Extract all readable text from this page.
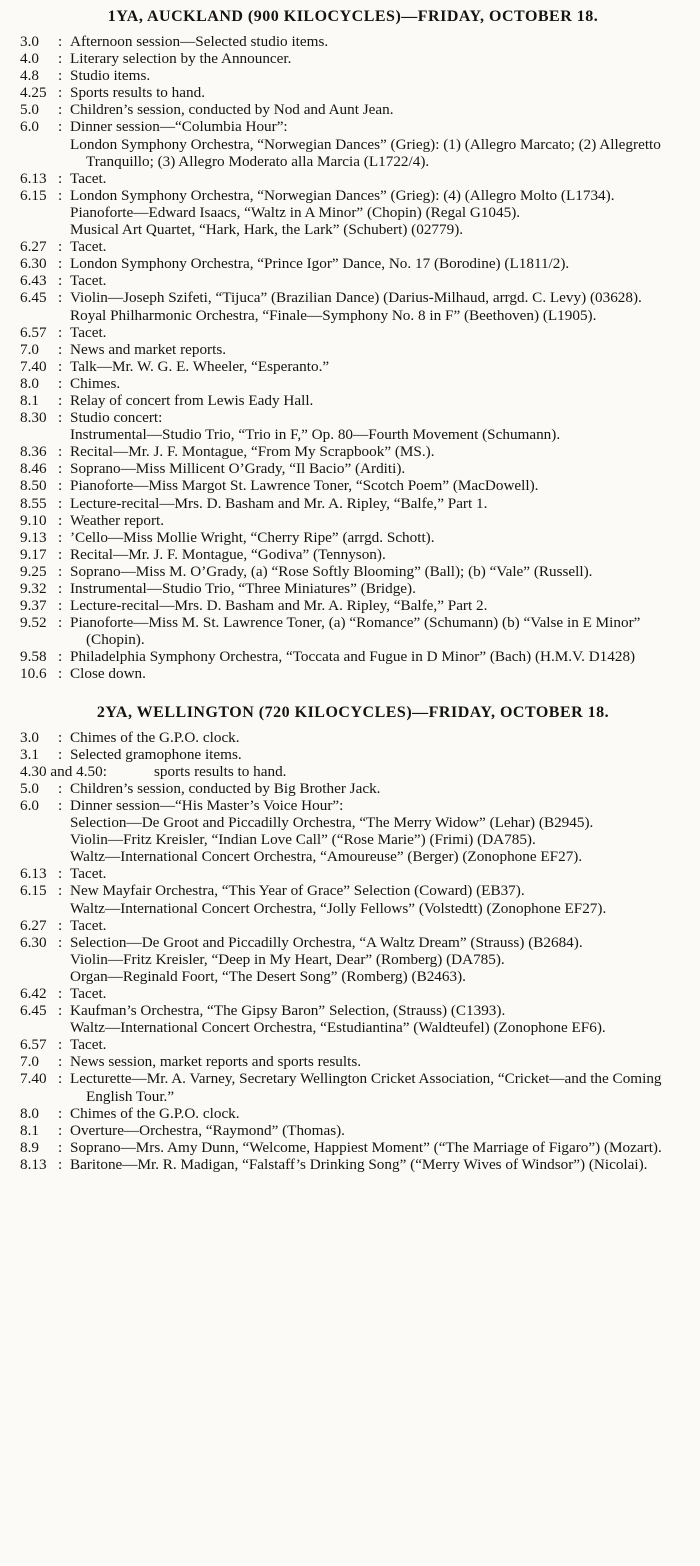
1YA, AUCKLAND (900 KILOCYCLES)—FRIDAY, OCTOBER 18.
3.0 : Afternoon session—Selected studio items.

4.0 : Literary selection by the Announcer.

4.8 : Studio items.

4.25 : Sports results to hand.

5.0 : Children’s session, conducted by Nod and Aunt Jean.

6.0 : Dinner session—“Columbia Hour”:

London Symphony Orchestra, “Norwegian Dances” (Grieg): (1) (Allegro Marcato; (2) Allegretto Tranquillo; (3) Allegro Moderato alla Marcia (L1722/4).

6.13 : Tacet.

6.15 : London Symphony Orchestra, “Norwegian Dances” (Grieg): (4) (Allegro Molto (L1734).

Pianoforte—Edward Isaacs, “Waltz in A Minor” (Chopin) (Regal G1045).

Musical Art Quartet, “Hark, Hark, the Lark” (Schubert) (02779).

6.27 : Tacet.

6.30 : London Symphony Orchestra, “Prince Igor” Dance, No. 17 (Borodine) (L1811/2).

6.43 : Tacet.

6.45 : Violin—Joseph Szifeti, “Tijuca” (Brazilian Dance) (Darius-Milhaud, arrgd. C. Levy) (03628).

Royal Philharmonic Orchestra, “Finale—Symphony No. 8 in F” (Beethoven) (L1905).

6.57 : Tacet.

7.0 : News and market reports.

7.40 : Talk—Mr. W. G. E. Wheeler, “Esperanto.”

8.0 : Chimes.

8.1 : Relay of concert from Lewis Eady Hall.

8.30 : Studio concert:

Instrumental—Studio Trio, “Trio in F,” Op. 80—Fourth Movement (Schumann).

8.36 : Recital—Mr. J. F. Montague, “From My Scrapbook” (MS.).

8.46 : Soprano—Miss Millicent O’Grady, “Il Bacio” (Arditi).

8.50 : Pianoforte—Miss Margot St. Lawrence Toner, “Scotch Poem” (MacDowell).

8.55 : Lecture-recital—Mrs. D. Basham and Mr. A. Ripley, “Balfe,” Part 1.

9.10 : Weather report.

9.13 : ’Cello—Miss Mollie Wright, “Cherry Ripe” (arrgd. Schott).

9.17 : Recital—Mr. J. F. Montague, “Godiva” (Tennyson).

9.25 : Soprano—Miss M. O’Grady, (a) “Rose Softly Blooming” (Ball); (b) “Vale” (Russell).

9.32 : Instrumental—Studio Trio, “Three Miniatures” (Bridge).

9.37 : Lecture-recital—Mrs. D. Basham and Mr. A. Ripley, “Balfe,” Part 2.

9.52 : Pianoforte—Miss M. St. Lawrence Toner, (a) “Romance” (Schumann) (b) “Valse in E Minor” (Chopin).

9.58 : Philadelphia Symphony Orchestra, “Toccata and Fugue in D Minor” (Bach) (H.M.V. D1428)

10.6 : Close down.

2YA, WELLINGTON (720 KILOCYCLES)—FRIDAY, OCTOBER 18.
3.0 : Chimes of the G.P.O. clock.

3.1 : Selected gramophone items.

4.30 and 4.50:	sports results to hand.

5.0 : Children’s session, conducted by Big Brother Jack.

6.0 : Dinner session—“His Master’s Voice Hour”:

Selection—De Groot and Piccadilly Orchestra, “The Merry Widow” (Lehar) (B2945).

Violin—Fritz Kreisler, “Indian Love Call” (“Rose Marie”) (Frimi) (DA785).

Waltz—International Concert Orchestra, “Amoureuse” (Berger) (Zonophone EF27).

6.13 : Tacet.

6.15 : New Mayfair Orchestra, “This Year of Grace” Selection (Coward) (EB37).

Waltz—International Concert Orchestra, “Jolly Fellows” (Volstedtt) (Zonophone EF27).

6.27 : Tacet.

6.30 : Selection—De Groot and Piccadilly Orchestra, “A Waltz Dream” (Strauss) (B2684).

Violin—Fritz Kreisler, “Deep in My Heart, Dear” (Romberg) (DA785).

Organ—Reginald Foort, “The Desert Song” (Romberg) (B2463).

6.42 : Tacet.

6.45 : Kaufman’s Orchestra, “The Gipsy Baron” Selection, (Strauss) (C1393).

Waltz—International Concert Orchestra, “Estudiantina” (Waldteufel) (Zonophone EF6).

6.57 : Tacet.

7.0 : News session, market reports and sports results.

7.40 : Lecturette—Mr. A. Varney, Secretary Wellington Cricket Association, “Cricket—and the Coming English Tour.”

8.0 : Chimes of the G.P.O. clock.

8.1 : Overture—Orchestra, “Raymond” (Thomas).

8.9 : Soprano—Mrs. Amy Dunn, “Welcome, Happiest Moment” (“The Marriage of Figaro”) (Mozart).

8.13 : Baritone—Mr. R. Madigan, “Falstaff’s Drinking Song” (“Merry Wives of Windsor”) (Nicolai).
